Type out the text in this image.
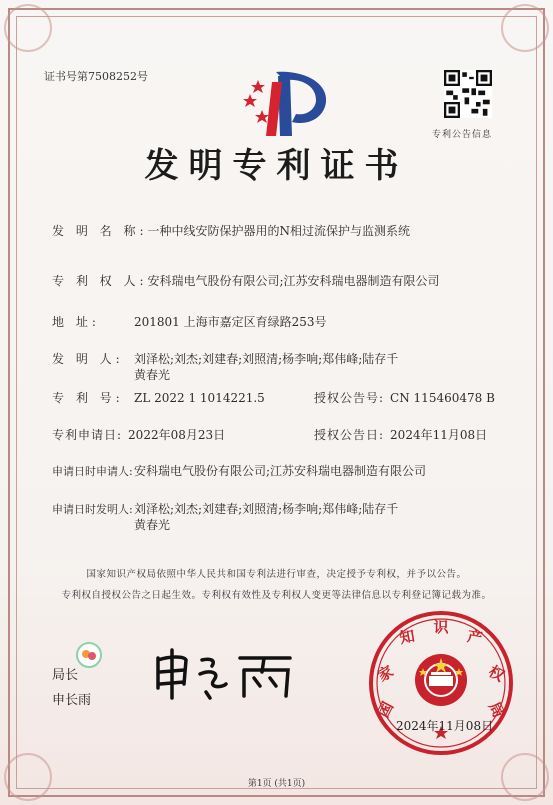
证书号第7508252号
专利公告信息
发明专利证书
发 明 名 称:一种中线安防保护器用的N相过流保护与监测系统
专 利 权 人:安科瑞电气股份有限公司;江苏安科瑞电器制造有限公司
地 址:	201801 上海市嘉定区育绿路253号
发 明 人: 刘泽松;刘杰;刘建春;刘照清;杨李响;郑伟峰;陆存千
黄春光
专 利 号: ZL 2022 1 1014221.5	授权公告号: CN 115460478 B
专利申请日: 2022年08月23日	授权公告日: 2024年11月08日
申请日时申请人:安科瑞电气股份有限公司;江苏安科瑞电器制造有限公司
申请日时发明人:刘泽松;刘杰;刘建春;刘照清;杨李响;郑伟峰;陆存千
黄春光
国家知识产权局依照中华人民共和国专利法进行审查，决定授予专利权，并予以公告。
专利权自授权公告之日起生效。专利权有效性及专利权人变更等法律信息以专利登记簿记载为准。
局长
申长雨	国
家
知 识 产
权
局
2024年11月08日
第1页 (共1页)
